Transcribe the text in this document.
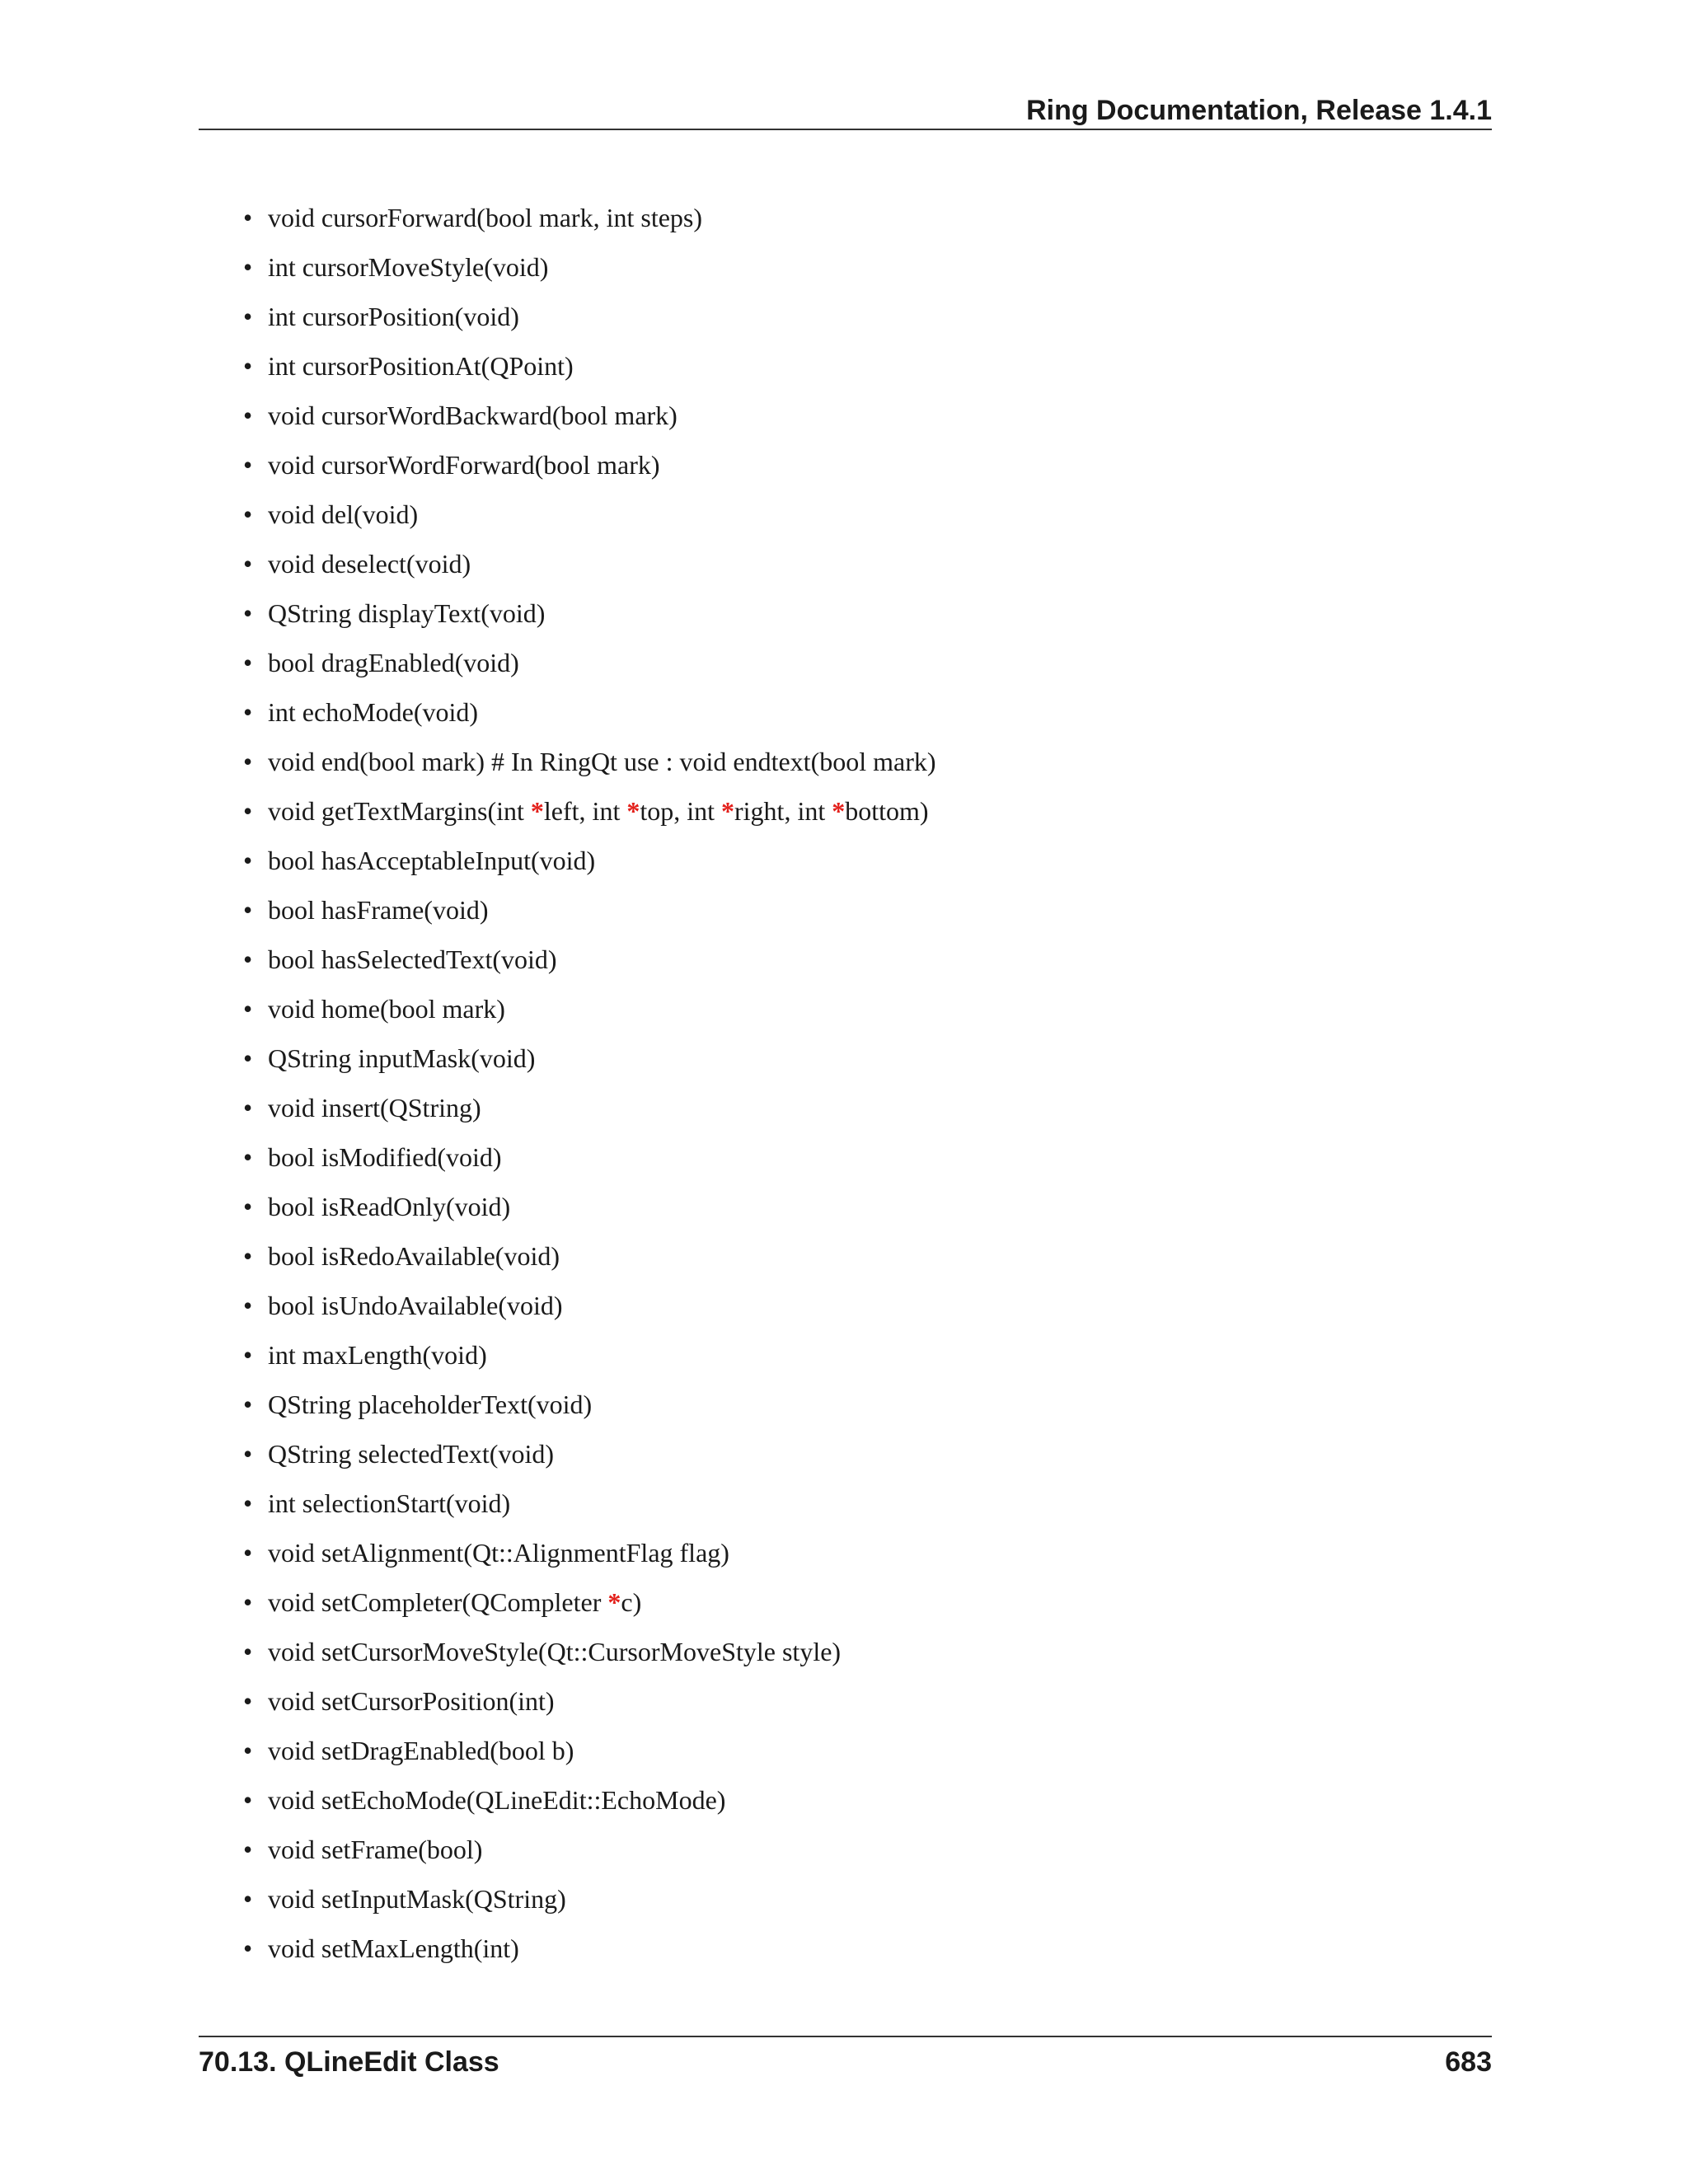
Ring Documentation, Release 1.4.1
• void cursorForward(bool mark, int steps)
• int cursorMoveStyle(void)
• int cursorPosition(void)
• int cursorPositionAt(QPoint)
• void cursorWordBackward(bool mark)
• void cursorWordForward(bool mark)
• void del(void)
• void deselect(void)
• QString displayText(void)
• bool dragEnabled(void)
• int echoMode(void)
• void end(bool mark) # In RingQt use : void endtext(bool mark)
• void getTextMargins(int *left, int *top, int *right, int *bottom)
• bool hasAcceptableInput(void)
• bool hasFrame(void)
• bool hasSelectedText(void)
• void home(bool mark)
• QString inputMask(void)
• void insert(QString)
• bool isModified(void)
• bool isReadOnly(void)
• bool isRedoAvailable(void)
• bool isUndoAvailable(void)
• int maxLength(void)
• QString placeholderText(void)
• QString selectedText(void)
• int selectionStart(void)
• void setAlignment(Qt::AlignmentFlag flag)
• void setCompleter(QCompleter *c)
• void setCursorMoveStyle(Qt::CursorMoveStyle style)
• void setCursorPosition(int)
• void setDragEnabled(bool b)
• void setEchoMode(QLineEdit::EchoMode)
• void setFrame(bool)
• void setInputMask(QString)
• void setMaxLength(int)
70.13. QLineEdit Class	683
